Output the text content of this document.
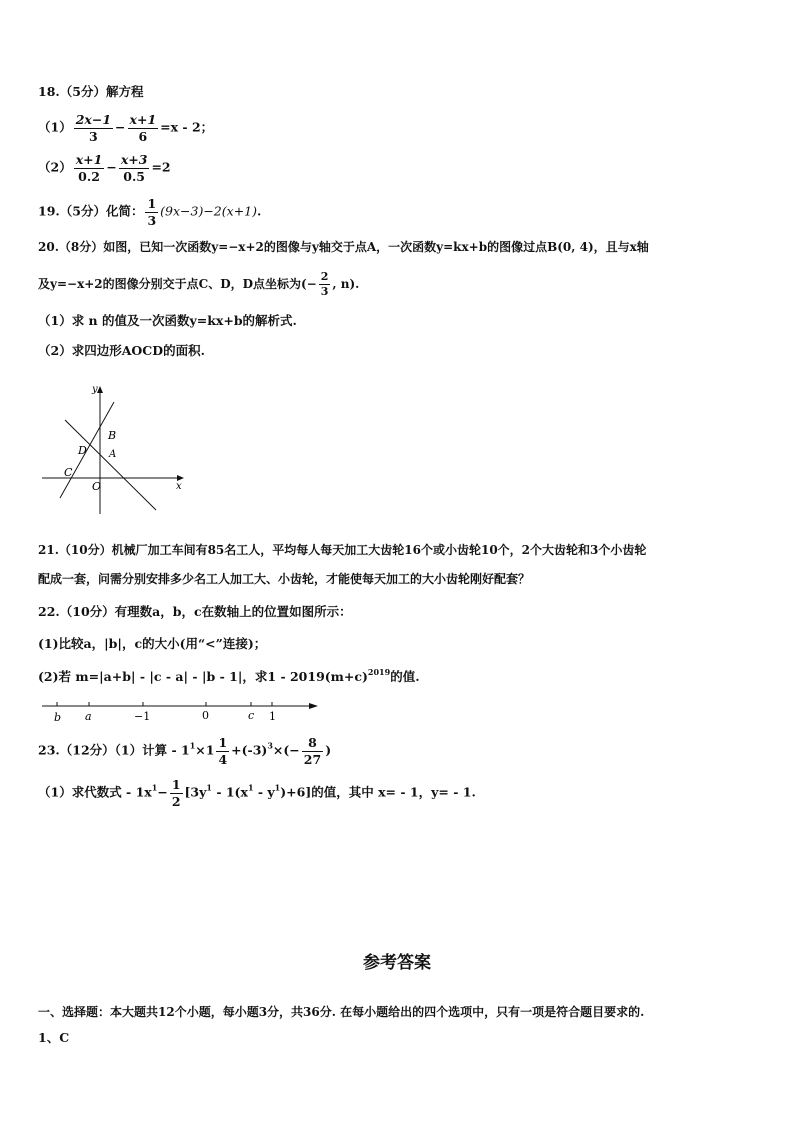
18.（5分）解方程
$(1) \frac{2x-1}{3} - \frac{x+1}{6} =x - 2$；
$(2) \frac{x+1}{0.2} - \frac{x+3}{0.5} =2$
19.（5分）化简： $\frac{1}{3} (9x-3)-2(x+1)$.
20.（8分）如图，已知一次函数y=−x+2的图像与y轴交于点A，一次函数y=kx+b的图像过点B(0, 4)，且与x轴
及y=−x+2的图像分别交于点C、D，D点坐标为(− $\frac{2}{3}$ , n).
（1）求 n 的值及一次函数y=kx+b的解析式.
（2）求四边形AOCD的面积.
y
x
B
A
D
C
O
21.（10分）机械厂加工车间有85名工人，平均每人每天加工大齿轮16个或小齿轮10个，2个大齿轮和3个小齿轮
配成一套，问需分别安排多少名工人加工大、小齿轮，才能使每天加工的大小齿轮刚好配套？
22.（10分）有理数a，b，c在数轴上的位置如图所示：
(1)比较a，|b|，c的大小(用“<”连接)；
(2)若 m=|a+b| - |c - a| - |b - 1|，求$1 - 2019(m+c)^{2019}$的值.
b a	−1	0	c 1
23.（12分）（1）计算 - $1^1\times 1 \frac{1}{4} +(-3)^3\times(- \frac{8}{27}$ )
（1）求代数式 - $1x^1- \frac{1}{2} [3y^1 - 1(x^1 - y^1)+6]$的值，其中 x= - 1，y= - 1.
参考答案
一、选择题：本大题共12个小题，每小题3分，共36分. 在每小题给出的四个选项中，只有一项是符合题目要求的.
1、C
